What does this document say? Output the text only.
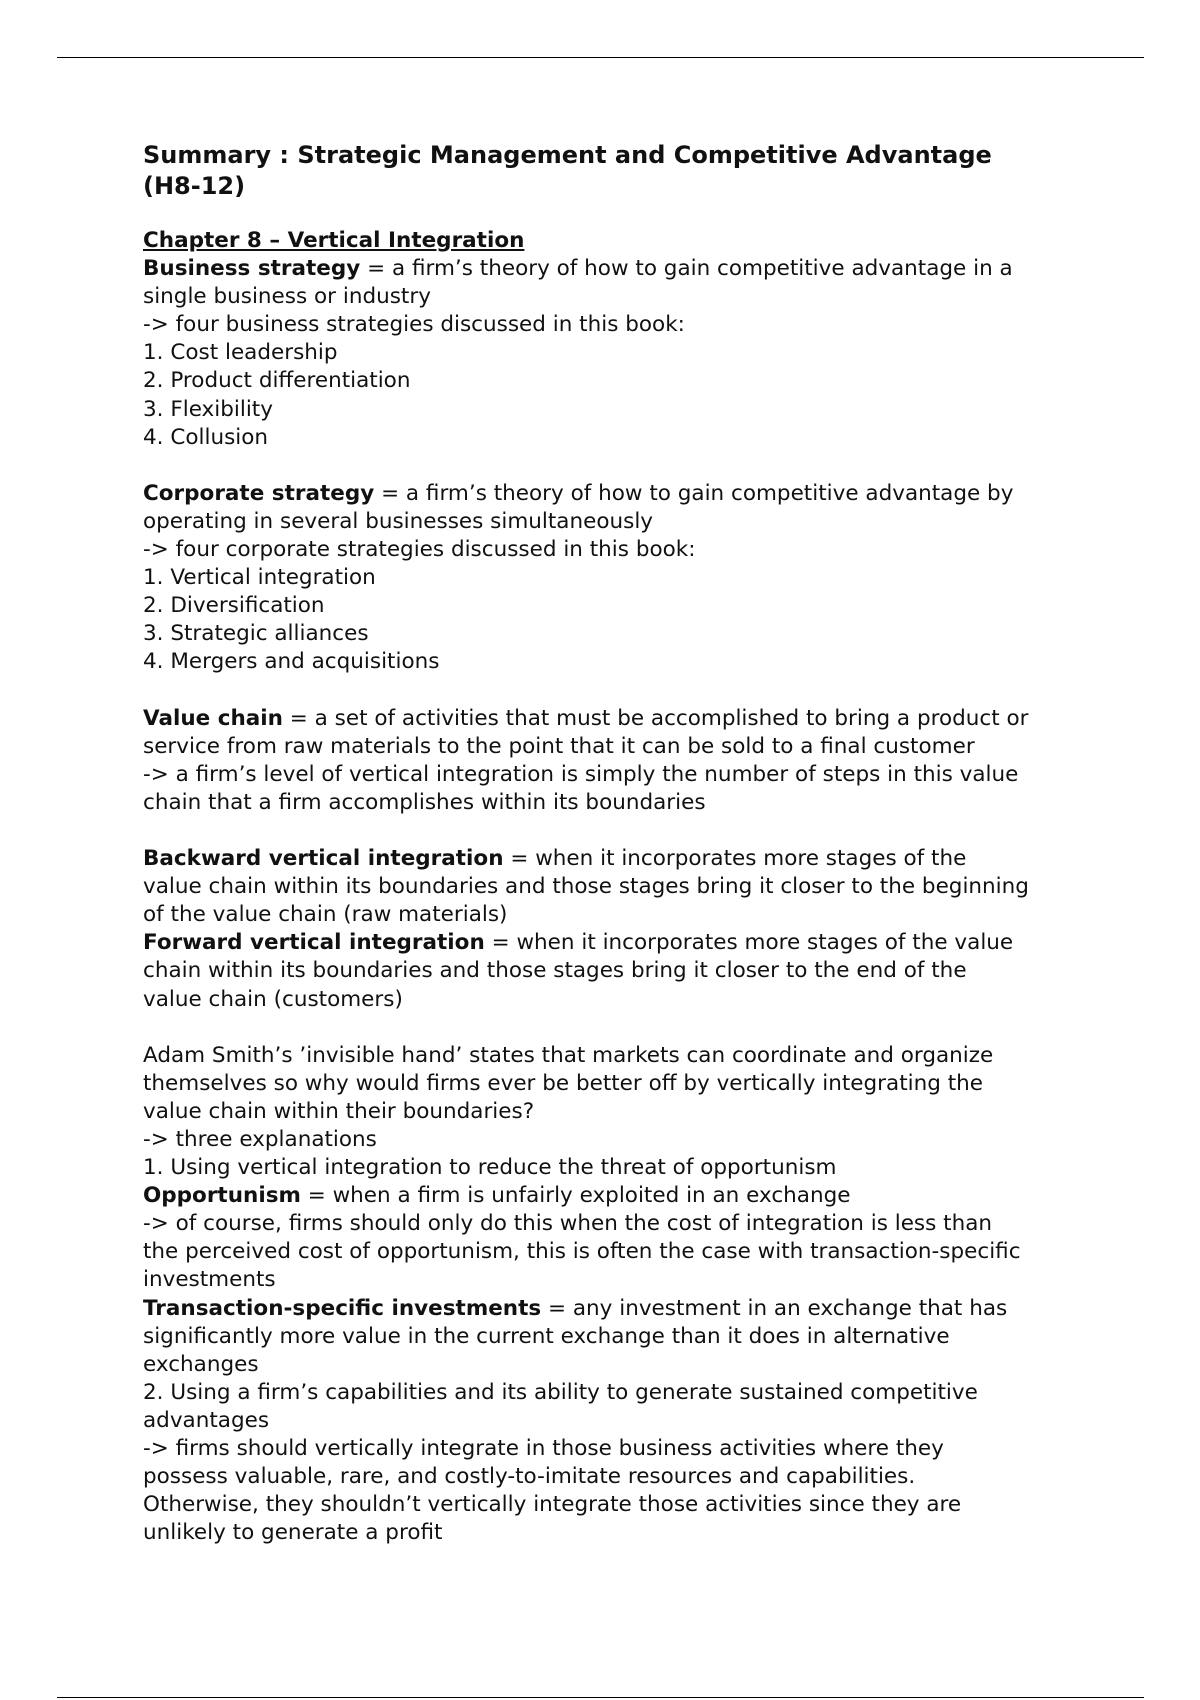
Summary : Strategic Management and Competitive Advantage
(H8-12)
Chapter 8 – Vertical Integration
Business strategy = a firm’s theory of how to gain competitive advantage in a
single business or industry
-> four business strategies discussed in this book:
1. Cost leadership
2. Product differentiation
3. Flexibility
4. Collusion
Corporate strategy = a firm’s theory of how to gain competitive advantage by
operating in several businesses simultaneously
-> four corporate strategies discussed in this book:
1. Vertical integration
2. Diversification
3. Strategic alliances
4. Mergers and acquisitions
Value chain = a set of activities that must be accomplished to bring a product or
service from raw materials to the point that it can be sold to a final customer
-> a firm’s level of vertical integration is simply the number of steps in this value
chain that a firm accomplishes within its boundaries
Backward vertical integration = when it incorporates more stages of the
value chain within its boundaries and those stages bring it closer to the beginning
of the value chain (raw materials)
Forward vertical integration = when it incorporates more stages of the value
chain within its boundaries and those stages bring it closer to the end of the
value chain (customers)
Adam Smith’s ’invisible hand’ states that markets can coordinate and organize
themselves so why would firms ever be better off by vertically integrating the
value chain within their boundaries?
-> three explanations
1. Using vertical integration to reduce the threat of opportunism
Opportunism = when a firm is unfairly exploited in an exchange
-> of course, firms should only do this when the cost of integration is less than
the perceived cost of opportunism, this is often the case with transaction-specific
investments
Transaction-specific investments = any investment in an exchange that has
significantly more value in the current exchange than it does in alternative
exchanges
2. Using a firm’s capabilities and its ability to generate sustained competitive
advantages
-> firms should vertically integrate in those business activities where they
possess valuable, rare, and costly-to-imitate resources and capabilities.
Otherwise, they shouldn’t vertically integrate those activities since they are
unlikely to generate a profit
